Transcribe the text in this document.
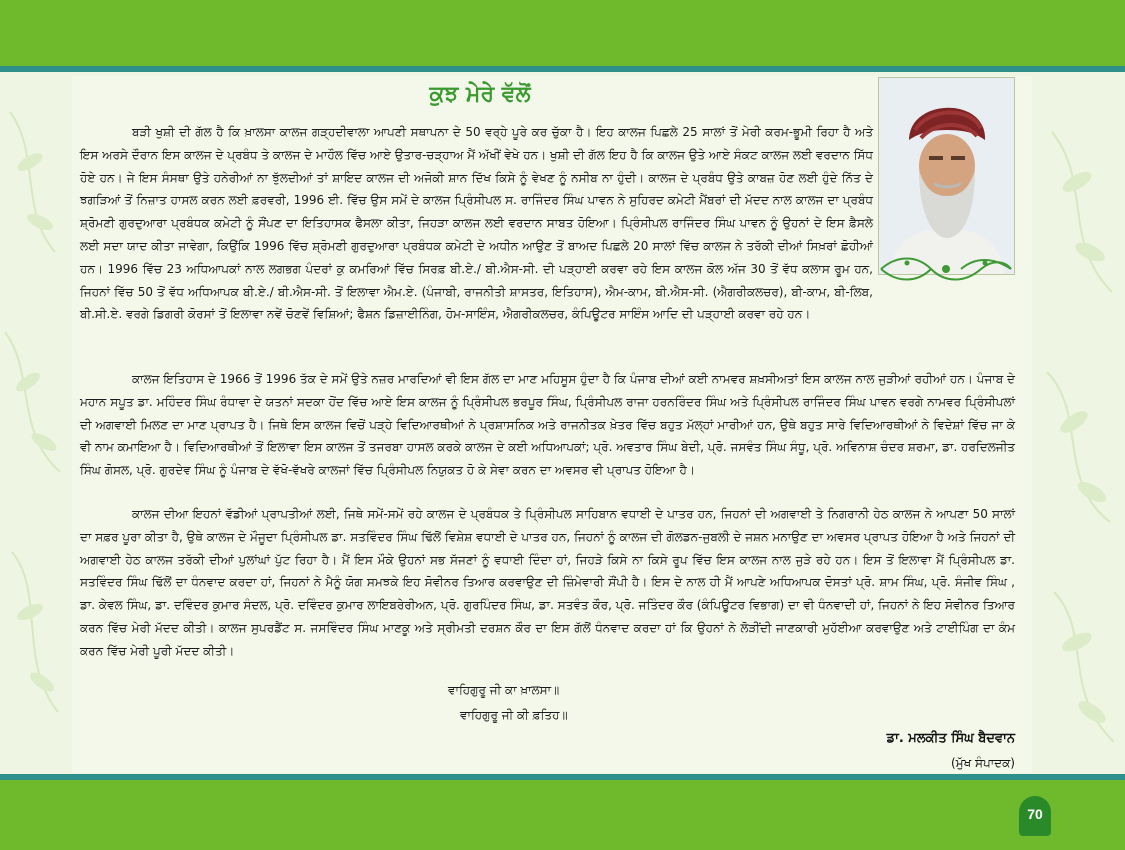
ਕੁਝ ਮੇਰੇ ਵੱਲੋਂ

ਬੜੀ ਖੁਸ਼ੀ ਦੀ ਗੱਲ ਹੈ ਕਿ ਖ਼ਾਲਸਾ ਕਾਲਜ ਗੜ੍ਹਦੀਵਾਲਾ ਆਪਣੀ ਸਥਾਪਨਾ ਦੇ 50 ਵਰ੍ਹੇ ਪੂਰੇ ਕਰ ਚੁੱਕਾ ਹੈ। ਇਹ ਕਾਲਜ ਪਿਛਲੇ 25 ਸਾਲਾਂ ਤੋਂ ਮੇਰੀ ਕਰਮ-ਭੂਮੀ ਰਿਹਾ ਹੈ ਅਤੇ ਇਸ ਅਰਸੇ ਦੌਰਾਨ ਇਸ ਕਾਲਜ ਦੇ ਪ੍ਰਬੰਧ ਤੇ ਕਾਲਜ ਦੇ ਮਾਹੌਲ ਵਿੱਚ ਆਏ ਉਤਾਰ-ਚੜ੍ਹਾਅ ਮੈਂ ਅੱਖੀਂ ਵੇਖੇ ਹਨ। ਖੁਸ਼ੀ ਦੀ ਗੱਲ ਇਹ ਹੈ ਕਿ ਕਾਲਜ ਉਤੇ ਆਏ ਸੰਕਟ ਕਾਲਜ ਲਈ ਵਰਦਾਨ ਸਿੱਧ ਹੋਏ ਹਨ। ਜੇ ਇਸ ਸੰਸਥਾ ਉਤੇ ਹਨੇਰੀਆਂ ਨਾ ਝੁੱਲਦੀਆਂ ਤਾਂ ਸ਼ਾਇਦ ਕਾਲਜ ਦੀ ਅਜੋਕੀ ਸ਼ਾਨ ਦਿੱਖ ਕਿਸੇ ਨੂੰ ਵੇਖਣ ਨੂੰ ਨਸੀਬ ਨਾ ਹੁੰਦੀ। ਕਾਲਜ ਦੇ ਪ੍ਰਬੰਧ ਉਤੇ ਕਾਬਜ਼ ਹੋਣ ਲਈ ਹੁੰਦੇ ਨਿੱਤ ਦੇ ਝਗੜਿਆਂ ਤੋਂ ਨਿਜ਼ਾਤ ਹਾਸਲ ਕਰਨ ਲਈ ਫ਼ਰਵਰੀ, 1996 ਈ. ਵਿੱਚ ਉਸ ਸਮੇਂ ਦੇ ਕਾਲਜ ਪ੍ਰਿੰਸੀਪਲ ਸ. ਰਾਜਿੰਦਰ ਸਿੰਘ ਪਾਵਨ ਨੇ ਸੁਹਿਰਦ ਕਮੇਟੀ ਮੈਂਬਰਾਂ ਦੀ ਮੱਦਦ ਨਾਲ ਕਾਲਜ ਦਾ ਪ੍ਰਬੰਧ ਸ਼੍ਰੋਮਣੀ ਗੁਰਦੁਆਰਾ ਪ੍ਰਬੰਧਕ ਕਮੇਟੀ ਨੂੰ ਸੌਂਪਣ ਦਾ ਇਤਿਹਾਸਕ ਫੈਸਲਾ ਕੀਤਾ, ਜਿਹੜਾ ਕਾਲਜ ਲਈ ਵਰਦਾਨ ਸਾਬਤ ਹੋਇਆ। ਪ੍ਰਿੰਸੀਪਲ ਰਾਜਿੰਦਰ ਸਿੰਘ ਪਾਵਨ ਨੂੰ ਉਹਨਾਂ ਦੇ ਇਸ ਫ਼ੈਸਲੇ ਲਈ ਸਦਾ ਯਾਦ ਕੀਤਾ ਜਾਵੇਗਾ, ਕਿਉਂਕਿ 1996 ਵਿੱਚ ਸ਼੍ਰੋਮਣੀ ਗੁਰਦੁਆਰਾ ਪ੍ਰਬੰਧਕ ਕਮੇਟੀ ਦੇ ਅਧੀਨ ਆਉਣ ਤੋਂ ਬਾਅਦ ਪਿਛਲੇ 20 ਸਾਲਾਂ ਵਿੱਚ ਕਾਲਜ ਨੇ ਤਰੱਕੀ ਦੀਆਂ ਸਿਖ਼ਰਾਂ ਛੋਹੀਆਂ ਹਨ। 1996 ਵਿੱਚ 23 ਅਧਿਆਪਕਾਂ ਨਾਲ ਲਗਭਗ ਪੰਦਰਾਂ ਕੁ ਕਮਰਿਆਂ ਵਿੱਚ ਸਿਰਫ਼ ਬੀ.ਏ./ ਬੀ.ਐਸ-ਸੀ. ਦੀ ਪੜ੍ਹਾਈ ਕਰਵਾ ਰਹੇ ਇਸ ਕਾਲਜ ਕੋਲ ਅੱਜ 30 ਤੋਂ ਵੱਧ ਕਲਾਸ ਰੂਮ ਹਨ, ਜਿਹਨਾਂ ਵਿੱਚ 50 ਤੋਂ ਵੱਧ ਅਧਿਆਪਕ ਬੀ.ਏ./ ਬੀ.ਐਸ-ਸੀ. ਤੋਂ ਇਲਾਵਾ ਐਮ.ਏ. (ਪੰਜਾਬੀ, ਰਾਜਨੀਤੀ ਸ਼ਾਸਤਰ, ਇਤਿਹਾਸ), ਐਮ-ਕਾਮ, ਬੀ.ਐਸ-ਸੀ. (ਐਗਰੀਕਲਚਰ), ਬੀ-ਕਾਮ, ਬੀ-ਲਿਬ, ਬੀ.ਸੀ.ਏ. ਵਰਗੇ ਡਿਗਰੀ ਕੋਰਸਾਂ ਤੋਂ ਇਲਾਵਾ ਨਵੇਂ ਚੋਣਵੇਂ ਵਿਸ਼ਿਆਂ; ਫੈਸ਼ਨ ਡਿਜ਼ਾਈਨਿੰਗ, ਹੋਮ-ਸਾਇੰਸ, ਐਗਰੀਕਲਚਰ, ਕੰਪਿਊਟਰ ਸਾਇੰਸ ਆਦਿ ਦੀ ਪੜ੍ਹਾਈ ਕਰਵਾ ਰਹੇ ਹਨ।

ਕਾਲਜ ਇਤਿਹਾਸ ਦੇ 1966 ਤੋਂ 1996 ਤੱਕ ਦੇ ਸਮੇਂ ਉਤੇ ਨਜ਼ਰ ਮਾਰਦਿਆਂ ਵੀ ਇਸ ਗੱਲ ਦਾ ਮਾਣ ਮਹਿਸੂਸ ਹੁੰਦਾ ਹੈ ਕਿ ਪੰਜਾਬ ਦੀਆਂ ਕਈ ਨਾਮਵਰ ਸ਼ਖ਼ਸੀਅਤਾਂ ਇਸ ਕਾਲਜ ਨਾਲ ਜੁੜੀਆਂ ਰਹੀਆਂ ਹਨ। ਪੰਜਾਬ ਦੇ ਮਹਾਨ ਸਪੂਤ ਡਾ. ਮਹਿੰਦਰ ਸਿੰਘ ਰੰਧਾਵਾ ਦੇ ਯਤਨਾਂ ਸਦਕਾ ਹੋਂਦ ਵਿੱਚ ਆਏ ਇਸ ਕਾਲਜ ਨੂੰ ਪ੍ਰਿੰਸੀਪਲ ਭਰਪੂਰ ਸਿੰਘ, ਪ੍ਰਿੰਸੀਪਲ ਰਾਜਾ ਹਰਨਰਿੰਦਰ ਸਿੰਘ ਅਤੇ ਪ੍ਰਿੰਸੀਪਲ ਰਾਜਿੰਦਰ ਸਿੰਘ ਪਾਵਨ ਵਰਗੇ ਨਾਮਵਰ ਪ੍ਰਿੰਸੀਪਲਾਂ ਦੀ ਅਗਵਾਈ ਮਿਲਣ ਦਾ ਮਾਣ ਪ੍ਰਾਪਤ ਹੈ। ਜਿਥੇ ਇਸ ਕਾਲਜ ਵਿਚੋਂ ਪੜ੍ਹੇ ਵਿਦਿਆਰਥੀਆਂ ਨੇ ਪ੍ਰਸ਼ਾਸਨਿਕ ਅਤੇ ਰਾਜਨੀਤਕ ਖ਼ੇਤਰ ਵਿੱਚ ਬਹੁਤ ਮੱਲ੍ਹਾਂ ਮਾਰੀਆਂ ਹਨ, ਉਥੇ ਬਹੁਤ ਸਾਰੇ ਵਿਦਿਆਰਥੀਆਂ ਨੇ ਵਿਦੇਸ਼ਾਂ ਵਿੱਚ ਜਾ ਕੇ ਵੀ ਨਾਮ ਕਮਾਇਆ ਹੈ। ਵਿਦਿਆਰਥੀਆਂ ਤੋਂ ਇਲਾਵਾ ਇਸ ਕਾਲਜ ਤੋਂ ਤਜਰਬਾ ਹਾਸਲ ਕਰਕੇ ਕਾਲਜ ਦੇ ਕਈ ਅਧਿਆਪਕਾਂ; ਪ੍ਰੋ. ਅਵਤਾਰ ਸਿੰਘ ਬੇਦੀ, ਪ੍ਰੋ. ਜਸਵੰਤ ਸਿੰਘ ਸੰਧੂ, ਪ੍ਰੋ. ਅਵਿਨਾਸ਼ ਚੰਦਰ ਸ਼ਰਮਾ, ਡਾ. ਹਰਦਿਲਜੀਤ ਸਿੰਘ ਗੋਸਲ, ਪ੍ਰੋ. ਗੁਰਦੇਵ ਸਿੰਘ ਨੂੰ ਪੰਜਾਬ ਦੇ ਵੱਖੋ-ਵੱਖਰੇ ਕਾਲਜਾਂ ਵਿੱਚ ਪ੍ਰਿੰਸੀਪਲ ਨਿਯੁਕਤ ਹੋ ਕੇ ਸੇਵਾ ਕਰਨ ਦਾ ਅਵਸਰ ਵੀ ਪ੍ਰਾਪਤ ਹੋਇਆ ਹੈ।

ਕਾਲਜ ਦੀਆ ਇਹਨਾਂ ਵੱਡੀਆਂ ਪ੍ਰਾਪਤੀਆਂ ਲਈ, ਜਿਥੇ ਸਮੇਂ-ਸਮੇਂ ਰਹੇ ਕਾਲਜ ਦੇ ਪ੍ਰਬੰਧਕ ਤੇ ਪ੍ਰਿੰਸੀਪਲ ਸਾਹਿਬਾਨ ਵਧਾਈ ਦੇ ਪਾਤਰ ਹਨ, ਜਿਹਨਾਂ ਦੀ ਅਗਵਾਈ ਤੇ ਨਿਗਰਾਨੀ ਹੇਠ ਕਾਲਜ ਨੇ ਆਪਣਾ 50 ਸਾਲਾਂ ਦਾ ਸਫ਼ਰ ਪੂਰਾ ਕੀਤਾ ਹੈ, ਉਥੇ ਕਾਲਜ ਦੇ ਮੌਜੂਦਾ ਪ੍ਰਿੰਸੀਪਲ ਡਾ. ਸਤਵਿੰਦਰ ਸਿੰਘ ਢਿੱਲੋਂ ਵਿਸ਼ੇਸ਼ ਵਧਾਈ ਦੇ ਪਾਤਰ ਹਨ, ਜਿਹਨਾਂ ਨੂੰ ਕਾਲਜ ਦੀ ਗੋਲਡਨ-ਜੁਬਲੀ ਦੇ ਜਸ਼ਨ ਮਨਾਉਣ ਦਾ ਅਵਸਰ ਪ੍ਰਾਪਤ ਹੋਇਆ ਹੈ ਅਤੇ ਜਿਹਨਾਂ ਦੀ ਅਗਵਾਈ ਹੇਠ ਕਾਲਜ ਤਰੱਕੀ ਦੀਆਂ ਪੁਲਾਂਘਾਂ ਪੁੱਟ ਰਿਹਾ ਹੈ। ਮੈਂ ਇਸ ਮੌਕੇ ਉਹਨਾਂ ਸਭ ਸੱਜਣਾਂ ਨੂੰ ਵਧਾਈ ਦਿੰਦਾ ਹਾਂ, ਜਿਹੜੇ ਕਿਸੇ ਨਾ ਕਿਸੇ ਰੂਪ ਵਿੱਚ ਇਸ ਕਾਲਜ ਨਾਲ ਜੁੜੇ ਰਹੇ ਹਨ। ਇਸ ਤੋਂ ਇਲਾਵਾ ਮੈਂ ਪ੍ਰਿੰਸੀਪਲ ਡਾ. ਸਤਵਿੰਦਰ ਸਿੰਘ ਢਿੱਲੋਂ ਦਾ ਧੰਨਵਾਦ ਕਰਦਾ ਹਾਂ, ਜਿਹਨਾਂ ਨੇ ਮੈਨੂੰ ਯੋਗ ਸਮਝਕੇ ਇਹ ਸੋਵੀਨਰ ਤਿਆਰ ਕਰਵਾਉਣ ਦੀ ਜ਼ਿੰਮੇਵਾਰੀ ਸੌਂਪੀ ਹੈ। ਇਸ ਦੇ ਨਾਲ ਹੀ ਮੈਂ ਆਪਣੇ ਅਧਿਆਪਕ ਦੋਸਤਾਂ ਪ੍ਰੋ. ਸ਼ਾਮ ਸਿੰਘ, ਪ੍ਰੋ. ਸੰਜੀਵ ਸਿੰਘ , ਡਾ. ਕੇਵਲ ਸਿੰਘ, ਡਾ. ਦਵਿੰਦਰ ਕੁਮਾਰ ਸੰਦਲ, ਪ੍ਰੋ. ਦਵਿੰਦਰ ਕੁਮਾਰ ਲਾਇਬਰੇਰੀਅਨ, ਪ੍ਰੋ. ਗੁਰਪਿੰਦਰ ਸਿੰਘ, ਡਾ. ਸਤਵੰਤ ਕੌਰ, ਪ੍ਰੋ. ਜਤਿੰਦਰ ਕੌਰ (ਕੰਪਿਊਟਰ ਵਿਭਾਗ) ਦਾ ਵੀ ਧੰਨਵਾਦੀ ਹਾਂ, ਜਿਹਨਾਂ ਨੇ ਇਹ ਸੋਵੀਨਰ ਤਿਆਰ ਕਰਨ ਵਿੱਚ ਮੇਰੀ ਮੱਦਦ ਕੀਤੀ। ਕਾਲਜ ਸੁਪਰਡੈਂਟ ਸ. ਜਸਵਿੰਦਰ ਸਿੰਘ ਮਾਣਕੂ ਅਤੇ ਸ੍ਰੀਮਤੀ ਦਰਸ਼ਨ ਕੌਰ ਦਾ ਇਸ ਗੱਲੋਂ ਧੰਨਵਾਦ ਕਰਦਾ ਹਾਂ ਕਿ ਉਹਨਾਂ ਨੇ ਲੋੜੀਂਦੀ ਜਾਣਕਾਰੀ ਮੁਹੱਈਆ ਕਰਵਾਉਣ ਅਤੇ ਟਾਈਪਿੰਗ ਦਾ ਕੰਮ ਕਰਨ ਵਿੱਚ ਮੇਰੀ ਪੂਰੀ ਮੱਦਦ ਕੀਤੀ।

ਵਾਹਿਗੁਰੂ ਜੀ ਕਾ ਖ਼ਾਲਸਾ॥
ਵਾਹਿਗੁਰੂ ਜੀ ਕੀ ਫ਼ਤਿਹ॥
ਡਾ. ਮਲਕੀਤ ਸਿੰਘ ਬੈਦਵਾਨ
(ਮੁੱਖ ਸੰਪਾਦਕ)
70
